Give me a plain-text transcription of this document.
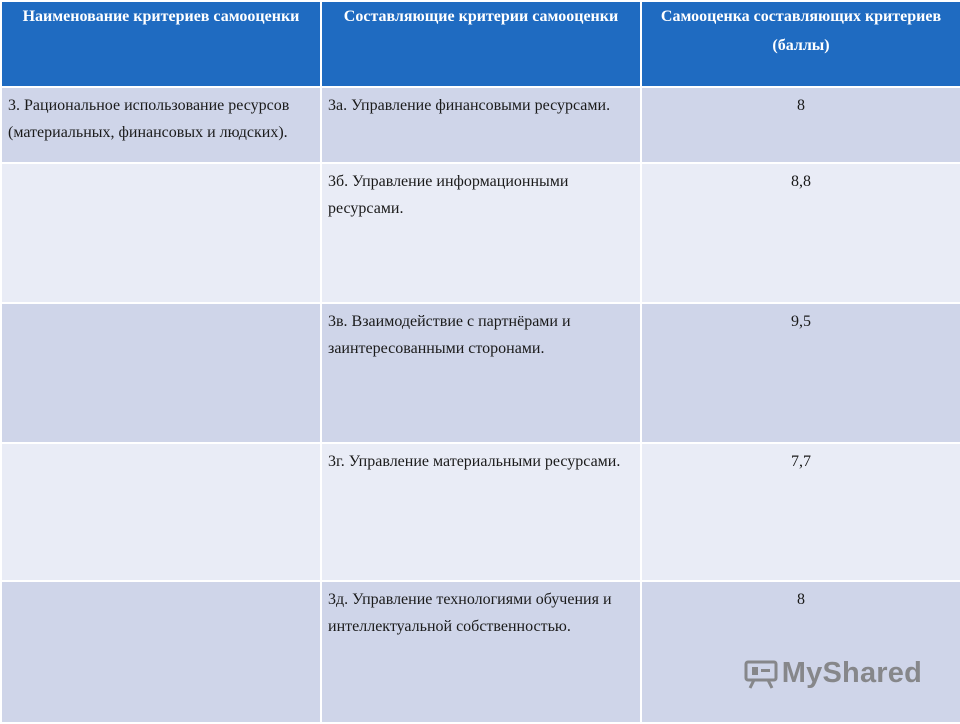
Наименование критериев самооценки	Составляющие критерии самооценки	Самооценка составляющих критериев (баллы)
3. Рациональное использование ресурсов (материальных, финансовых и людских).	3а. Управление финансовыми ресурсами.	8
	3б. Управление информационными ресурсами.	8,8
	3в. Взаимодействие с партнёрами и заинтересованными сторонами.	9,5
	3г. Управление материальными ресурсами.	7,7
	3д. Управление технологиями обучения и интеллектуальной собственностью.	8
MyShared
